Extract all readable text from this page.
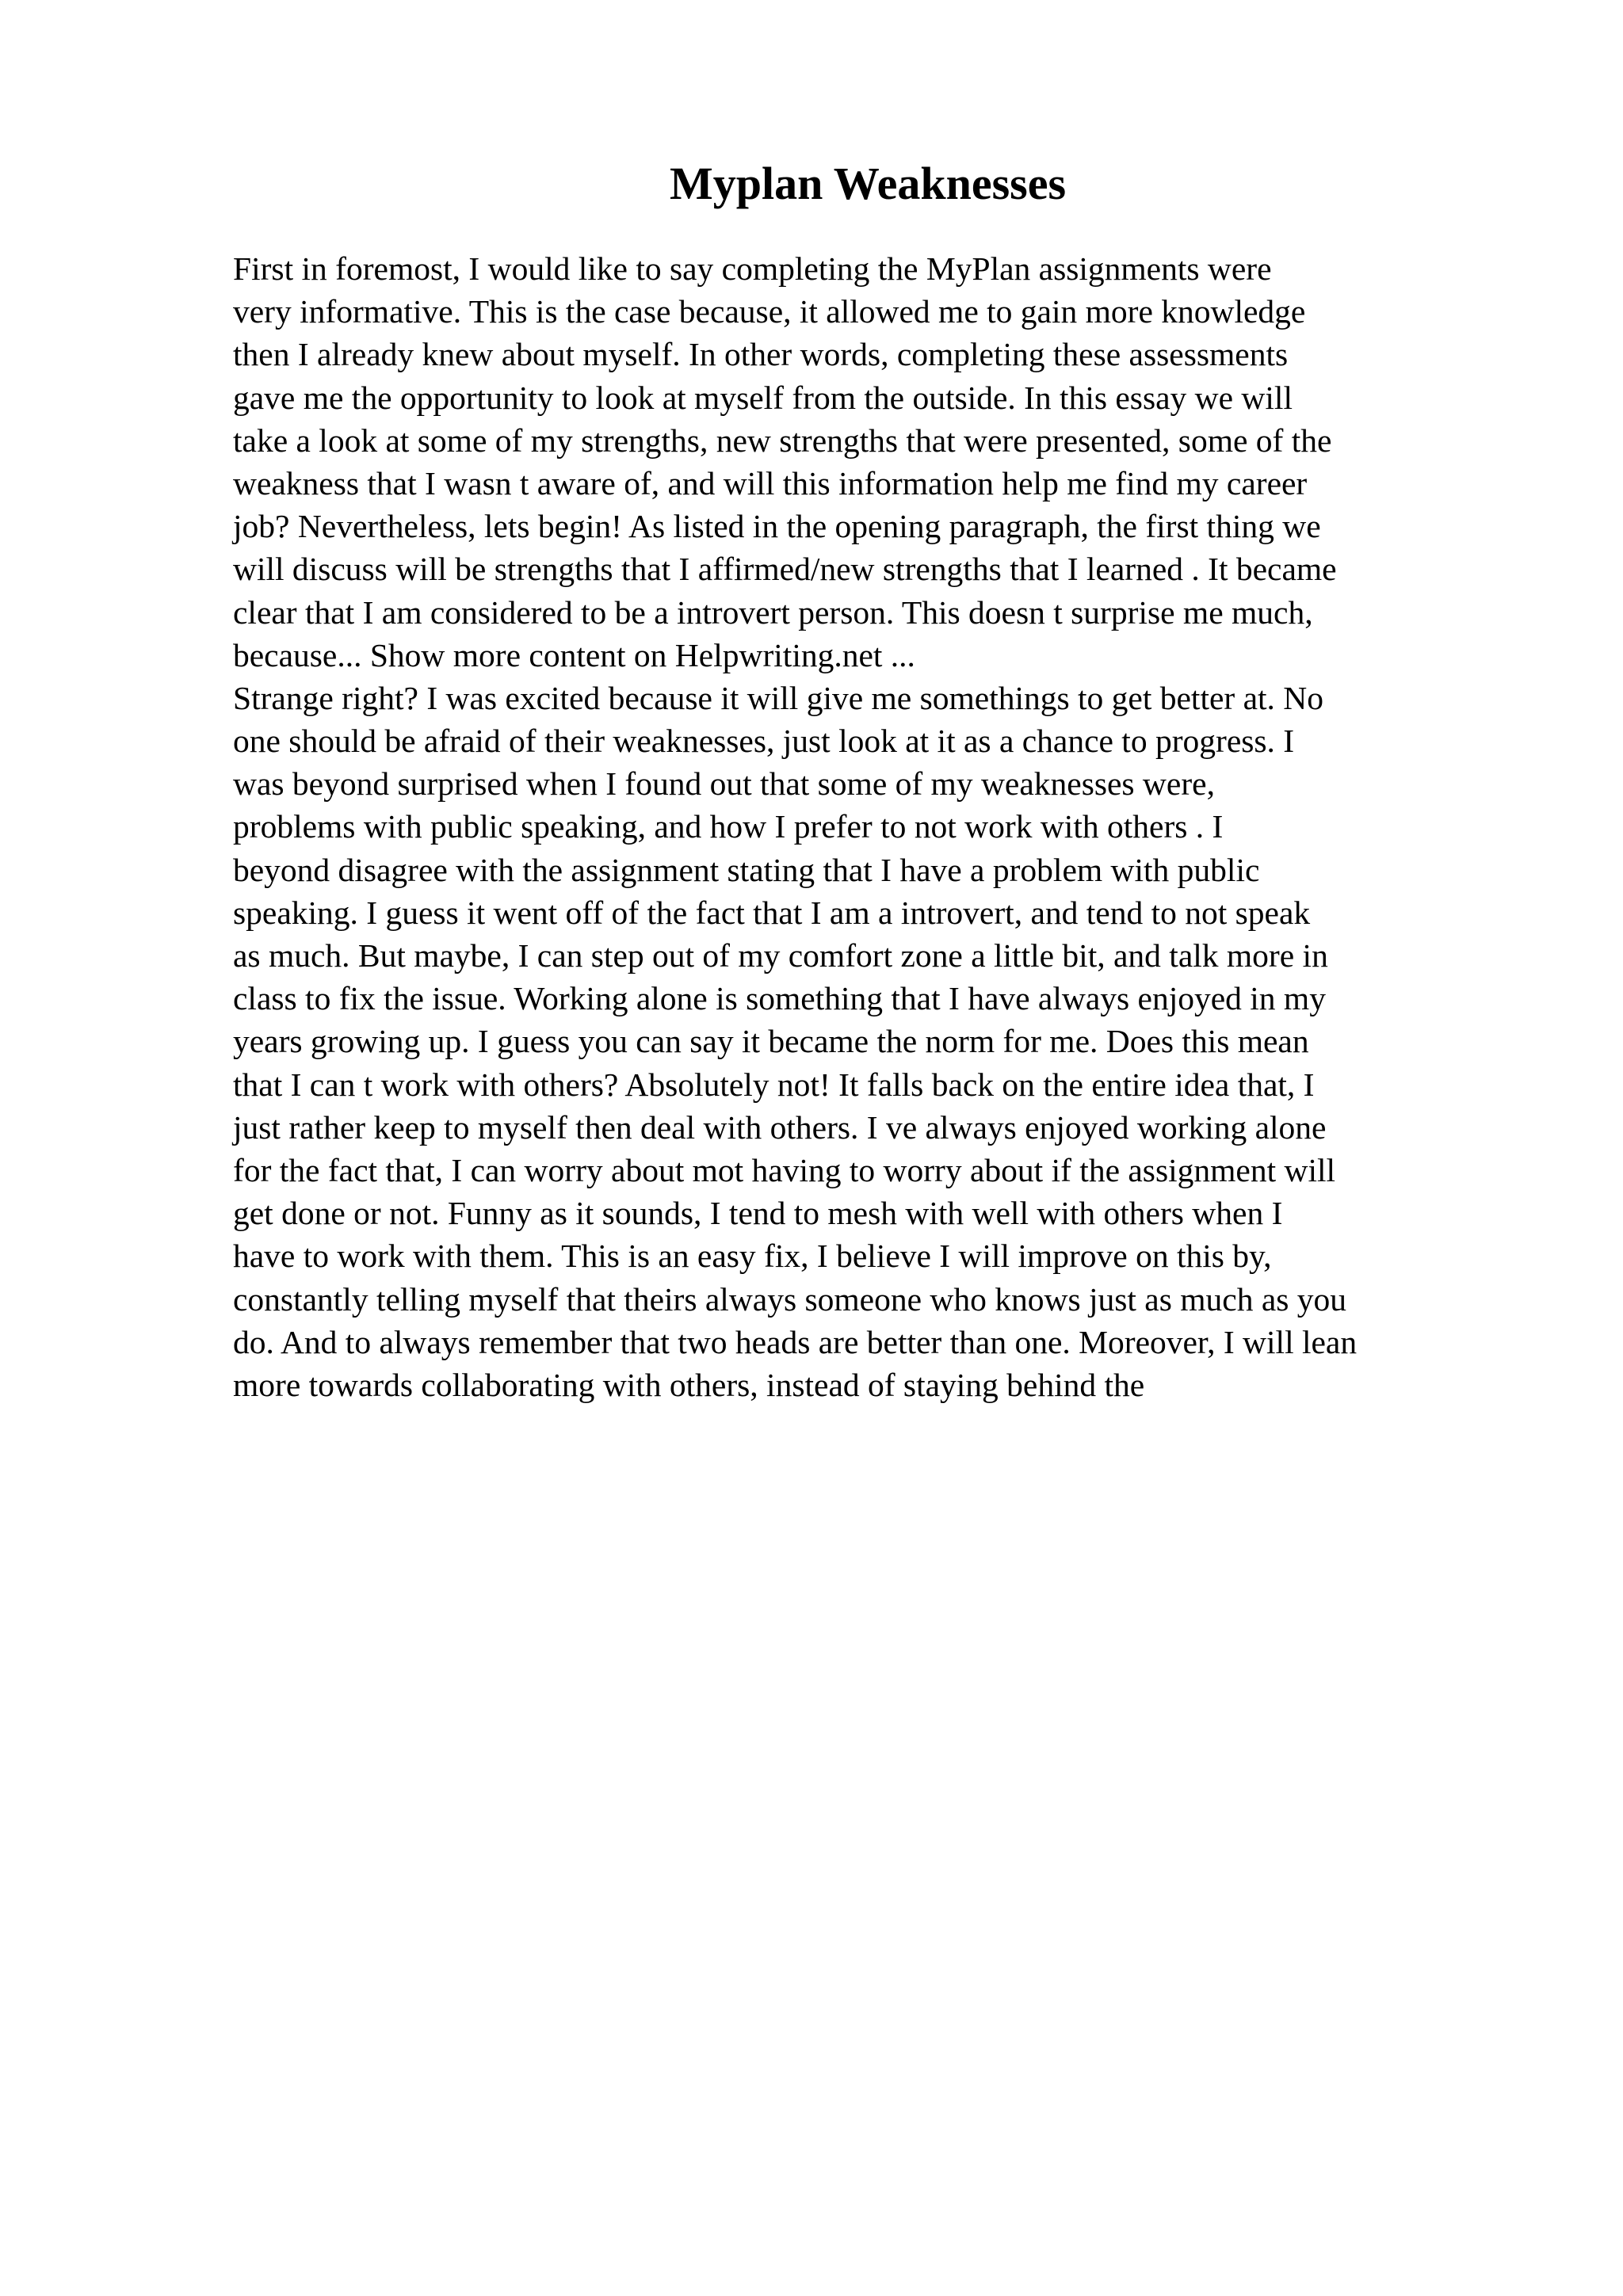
Myplan Weaknesses
First in foremost, I would like to say completing the MyPlan assignments were
very informative. This is the case because, it allowed me to gain more knowledge
then I already knew about myself. In other words, completing these assessments
gave me the opportunity to look at myself from the outside. In this essay we will
take a look at some of my strengths, new strengths that were presented, some of the
weakness that I wasn t aware of, and will this information help me find my career
job? Nevertheless, lets begin! As listed in the opening paragraph, the first thing we
will discuss will be strengths that I affirmed/new strengths that I learned . It became
clear that I am considered to be a introvert person. This doesn t surprise me much,
because... Show more content on Helpwriting.net ...
Strange right? I was excited because it will give me somethings to get better at. No
one should be afraid of their weaknesses, just look at it as a chance to progress. I
was beyond surprised when I found out that some of my weaknesses were,
problems with public speaking, and how I prefer to not work with others . I
beyond disagree with the assignment stating that I have a problem with public
speaking. I guess it went off of the fact that I am a introvert, and tend to not speak
as much. But maybe, I can step out of my comfort zone a little bit, and talk more in
class to fix the issue. Working alone is something that I have always enjoyed in my
years growing up. I guess you can say it became the norm for me. Does this mean
that I can t work with others? Absolutely not! It falls back on the entire idea that, I
just rather keep to myself then deal with others. I ve always enjoyed working alone
for the fact that, I can worry about mot having to worry about if the assignment will
get done or not. Funny as it sounds, I tend to mesh with well with others when I
have to work with them. This is an easy fix, I believe I will improve on this by,
constantly telling myself that theirs always someone who knows just as much as you
do. And to always remember that two heads are better than one. Moreover, I will lean
more towards collaborating with others, instead of staying behind the
